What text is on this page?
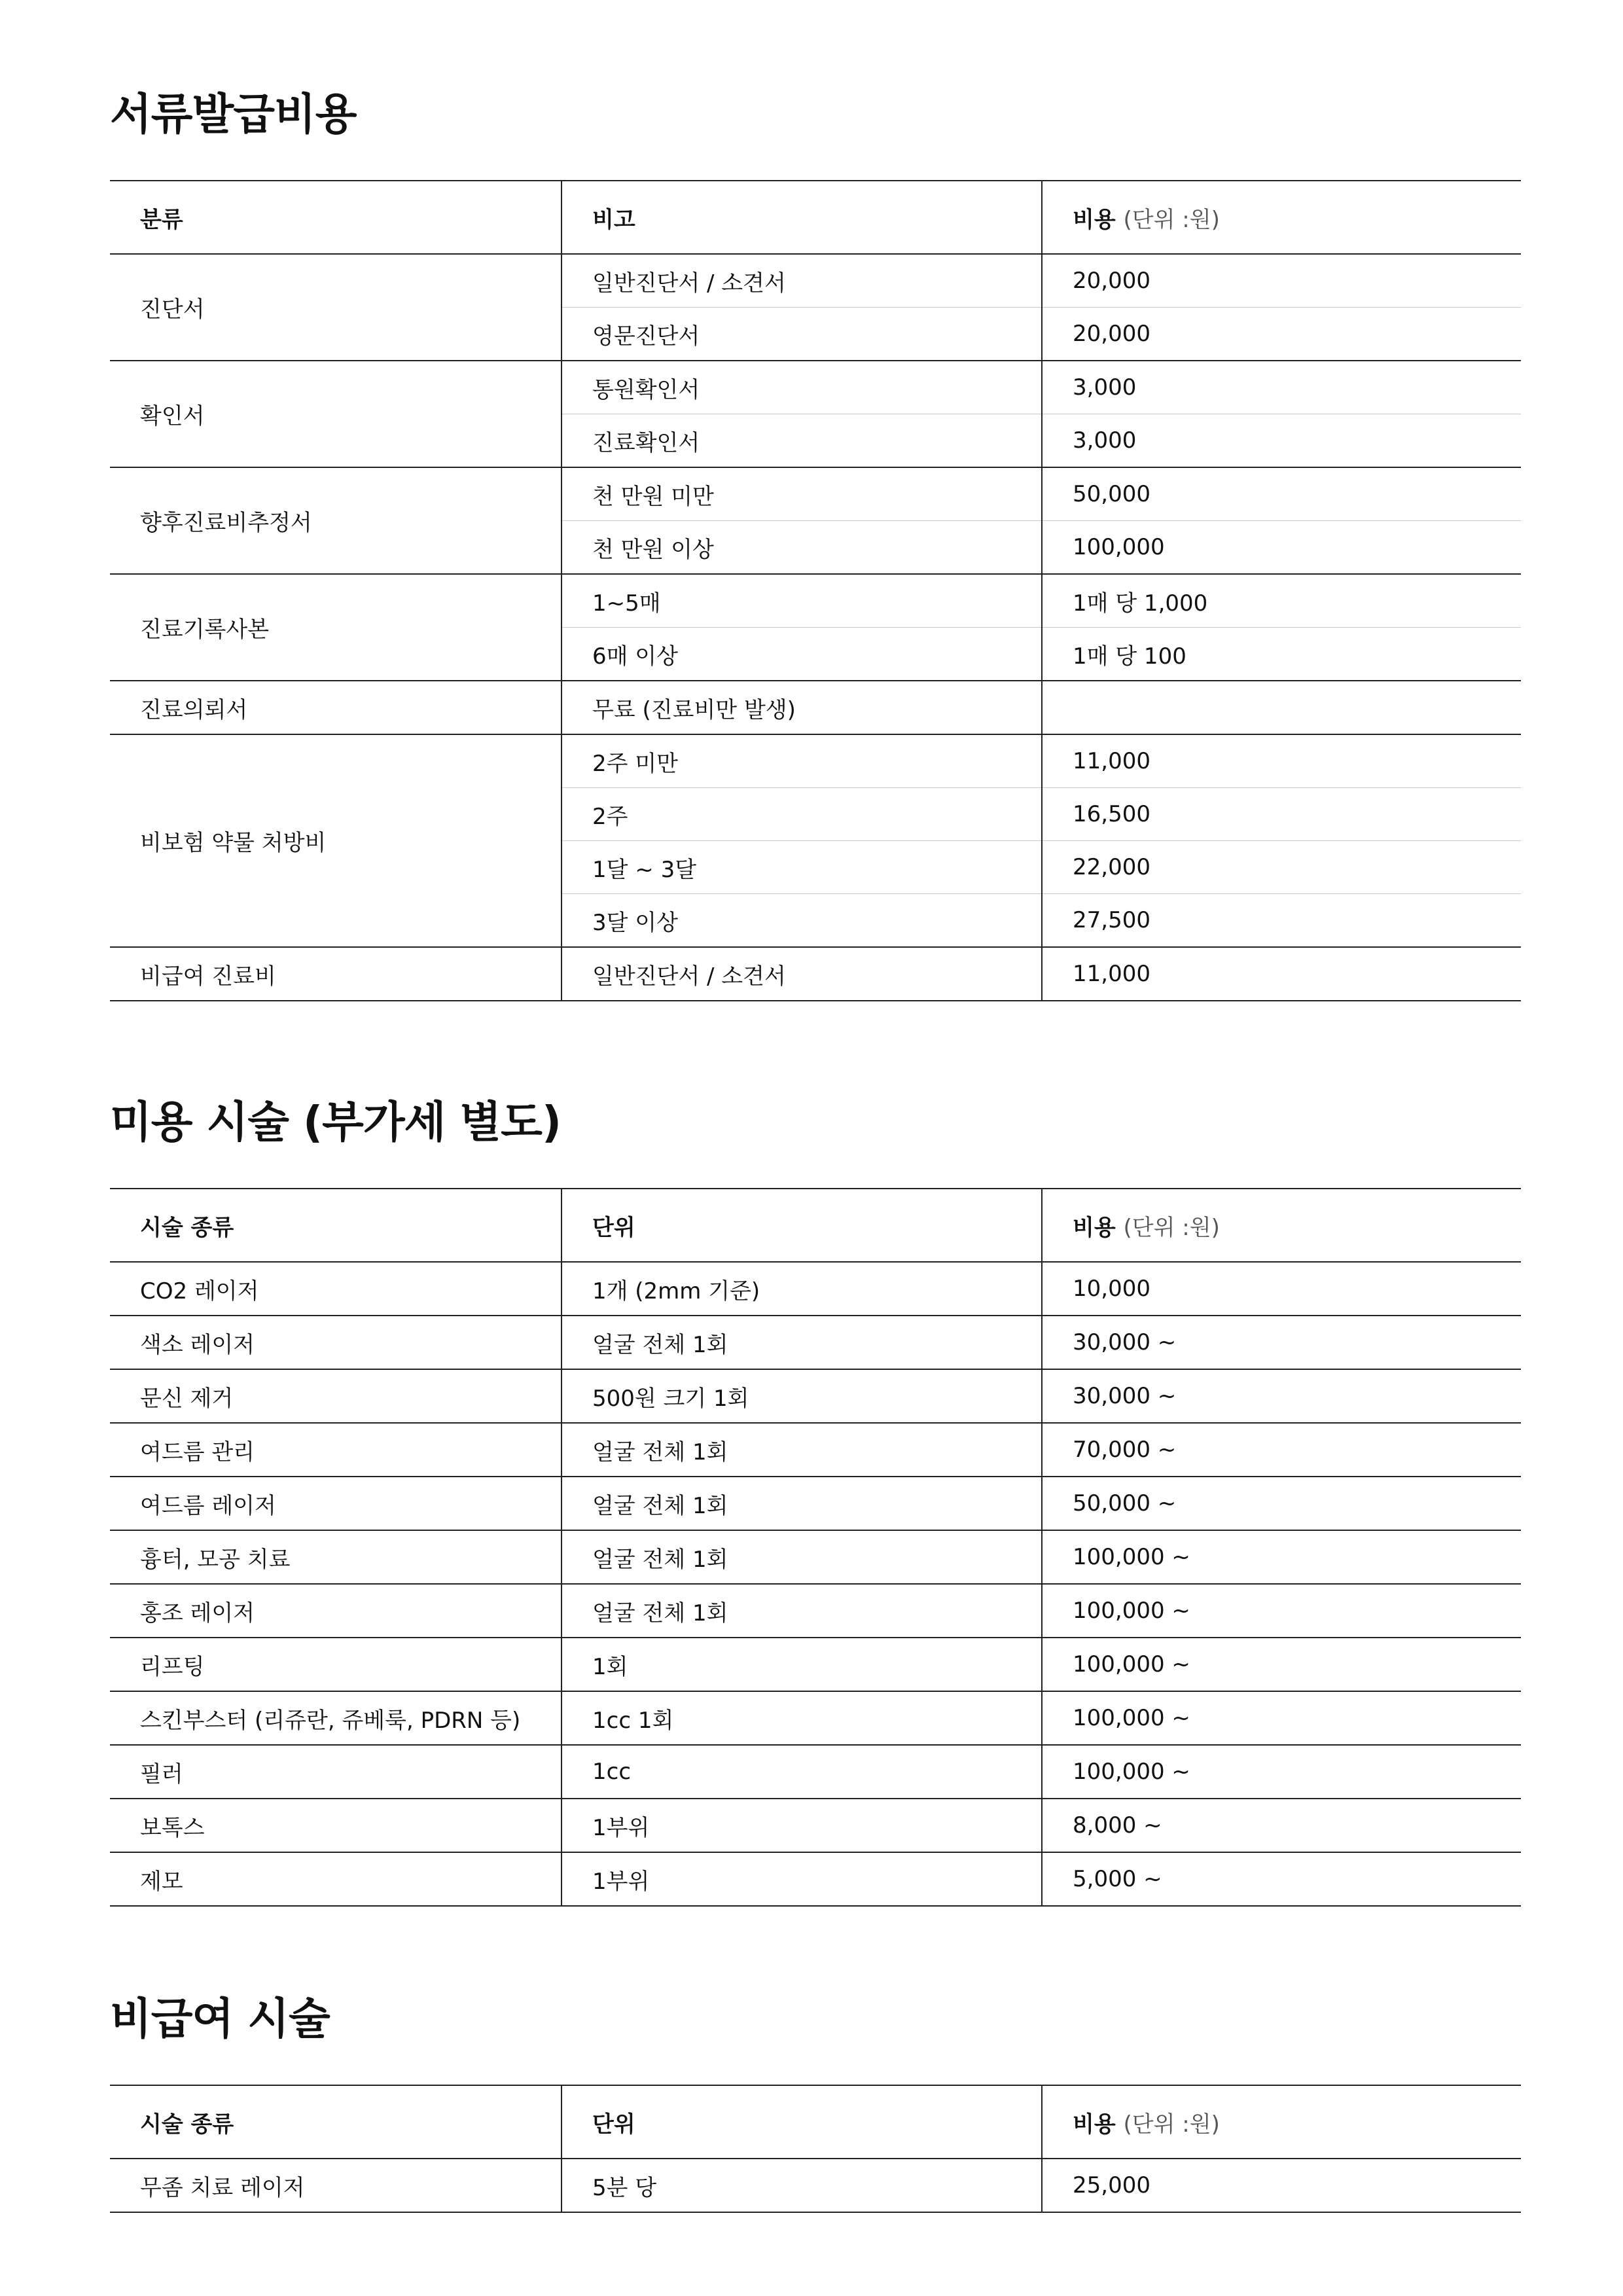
서류발급비용
분류	비고	비용 (단위 :원)
진단서	일반진단서 / 소견서	20,000
	영문진단서	20,000
확인서	통원확인서	3,000
	진료확인서	3,000
향후진료비추정서	천 만원 미만	50,000
	천 만원 이상	100,000
진료기록사본	1~5매	1매 당 1,000
	6매 이상	1매 당 100
진료의뢰서	무료 (진료비만 발생)	
비보험 약물 처방비	2주 미만	11,000
	2주	16,500
	1달 ~ 3달	22,000
	3달 이상	27,500
비급여 진료비	일반진단서 / 소견서	11,000
미용 시술 (부가세 별도)
시술 종류	단위	비용 (단위 :원)
CO2 레이저	1개 (2mm 기준)	10,000
색소 레이저	얼굴 전체 1회	30,000 ~
문신 제거	500원 크기 1회	30,000 ~
여드름 관리	얼굴 전체 1회	70,000 ~
여드름 레이저	얼굴 전체 1회	50,000 ~
흉터, 모공 치료	얼굴 전체 1회	100,000 ~
홍조 레이저	얼굴 전체 1회	100,000 ~
리프팅	1회	100,000 ~
스킨부스터 (리쥬란, 쥬베룩, PDRN 등)	1cc 1회	100,000 ~
필러	1cc	100,000 ~
보톡스	1부위	8,000 ~
제모	1부위	5,000 ~
비급여 시술
시술 종류	단위	비용 (단위 :원)
무좀 치료 레이저	5분 당	25,000
